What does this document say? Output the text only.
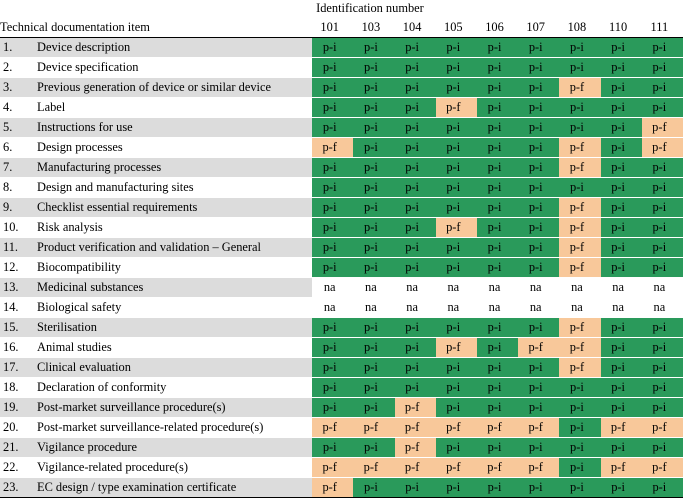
		Identification number								
Technical documentation item		101	103	104	105	106	107	108	110	111
1.	Device description	p-i	p-i	p-i	p-i	p-i	p-i	p-i	p-i	p-i
2.	Device specification	p-i	p-i	p-i	p-i	p-i	p-i	p-i	p-i	p-i
3.	Previous generation of device or similar device	p-i	p-i	p-i	p-i	p-i	p-i	p-f	p-i	p-i
4.	Label	p-i	p-i	p-i	p-f	p-i	p-i	p-i	p-i	p-i
5.	Instructions for use	p-i	p-i	p-i	p-i	p-i	p-i	p-i	p-i	p-f
6.	Design processes	p-f	p-i	p-i	p-i	p-i	p-i	p-f	p-i	p-f
7.	Manufacturing processes	p-i	p-i	p-i	p-i	p-i	p-i	p-f	p-i	p-i
8.	Design and manufacturing sites	p-i	p-i	p-i	p-i	p-i	p-i	p-i	p-i	p-i
9.	Checklist essential requirements	p-i	p-i	p-i	p-i	p-i	p-i	p-f	p-i	p-i
10.	Risk analysis	p-i	p-i	p-i	p-f	p-i	p-i	p-f	p-i	p-i
11.	Product verification and validation – General	p-i	p-i	p-i	p-i	p-i	p-i	p-f	p-i	p-i
12.	Biocompatibility	p-i	p-i	p-i	p-i	p-i	p-i	p-f	p-i	p-i
13.	Medicinal substances	na	na	na	na	na	na	na	na	na
14.	Biological safety	na	na	na	na	na	na	na	na	na
15.	Sterilisation	p-i	p-i	p-i	p-i	p-i	p-i	p-f	p-i	p-i
16.	Animal studies	p-i	p-i	p-i	p-f	p-i	p-f	p-f	p-i	p-i
17.	Clinical evaluation	p-i	p-i	p-i	p-i	p-i	p-i	p-f	p-i	p-i
18.	Declaration of conformity	p-i	p-i	p-i	p-i	p-i	p-i	p-i	p-i	p-i
19.	Post-market surveillance procedure(s)	p-i	p-i	p-f	p-i	p-i	p-i	p-i	p-i	p-i
20.	Post-market surveillance-related procedure(s)	p-f	p-f	p-f	p-f	p-f	p-f	p-i	p-f	p-f
21.	Vigilance procedure	p-i	p-i	p-f	p-i	p-i	p-i	p-i	p-i	p-i
22.	Vigilance-related procedure(s)	p-f	p-f	p-f	p-f	p-f	p-f	p-i	p-f	p-f
23.	EC design / type examination certificate	p-f	p-i	p-i	p-i	p-i	p-i	p-i	p-i	p-i
